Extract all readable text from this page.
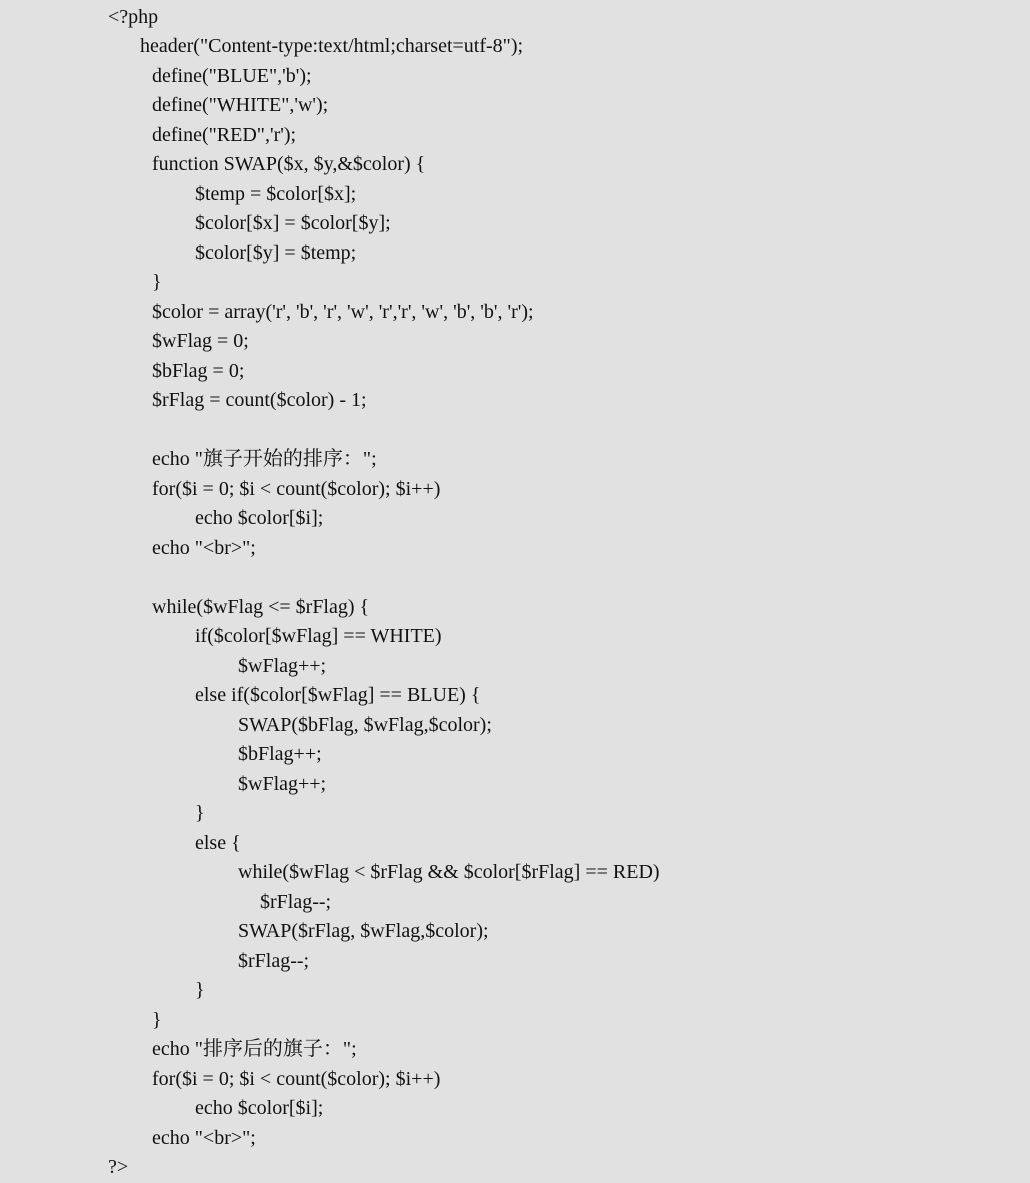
<?php
header("Content-type:text/html;charset=utf-8");
define("BLUE",'b');
define("WHITE",'w');
define("RED",'r');
function SWAP($x, $y,&$color) {
$temp = $color[$x];
$color[$x] = $color[$y];
$color[$y] = $temp;
}
$color = array('r', 'b', 'r', 'w', 'r','r', 'w', 'b', 'b', 'r');
$wFlag = 0;
$bFlag = 0;
$rFlag = count($color) - 1;
echo "旗子开始的排序：";
for($i = 0; $i < count($color); $i++)
echo $color[$i];
echo "<br>";
while($wFlag <= $rFlag) {
if($color[$wFlag] == WHITE)
$wFlag++;
else if($color[$wFlag] == BLUE) {
SWAP($bFlag, $wFlag,$color);
$bFlag++;
$wFlag++;
}
else {
while($wFlag < $rFlag && $color[$rFlag] == RED)
$rFlag--;
SWAP($rFlag, $wFlag,$color);
$rFlag--;
}
}
echo "排序后的旗子：";
for($i = 0; $i < count($color); $i++)
echo $color[$i];
echo "<br>";
?>
